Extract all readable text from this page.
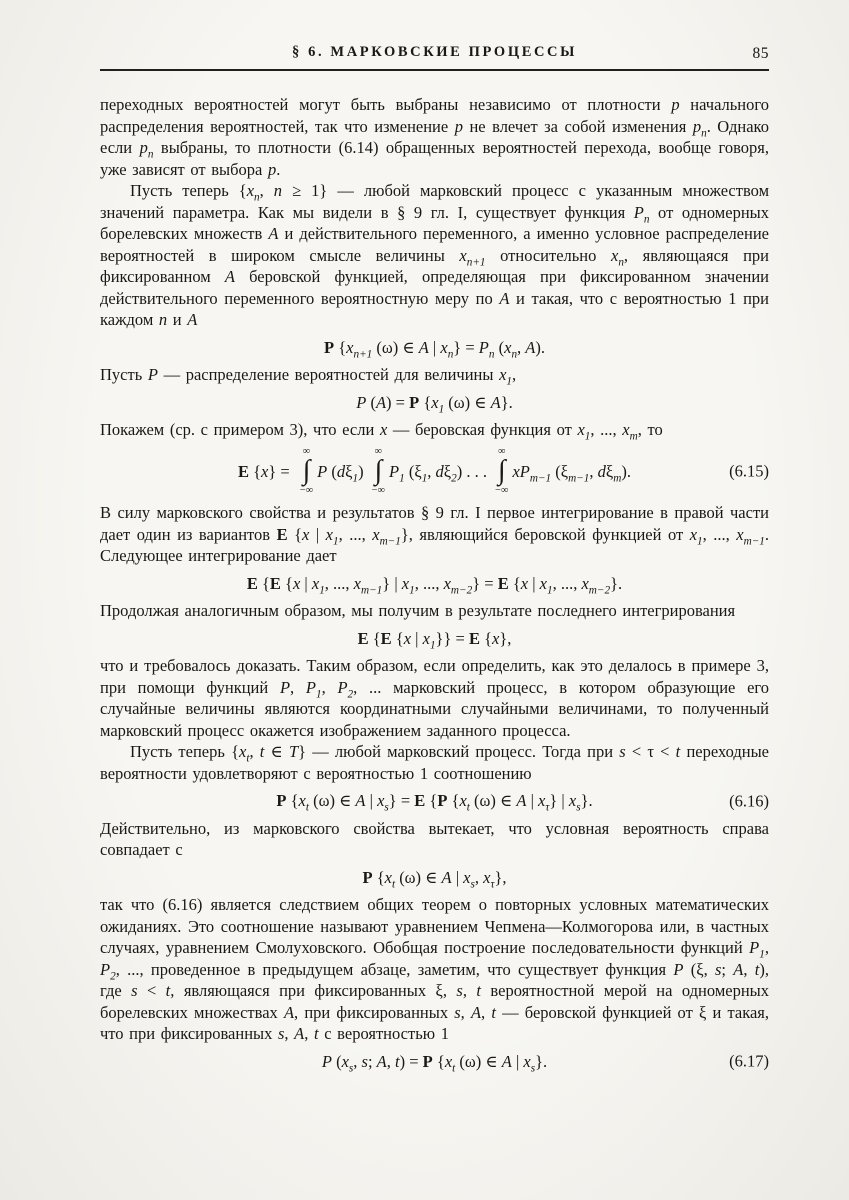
§ 6. МАРКОВСКИЕ ПРОЦЕССЫ	85

переходных вероятностей могут быть выбраны независимо от плотности p начального распределения вероятностей, так что изменение p не влечет за собой изменения $p_n$. Однако если $p_n$ выбраны, то плотности (6.14) обращенных вероятностей перехода, вообще говоря, уже зависят от выбора p.

Пусть теперь {$x_n$, n ≥ 1} — любой марковский процесс с указанным множеством значений параметра. Как мы видели в § 9 гл. I, существует функция $P_n$ от одномерных борелевских множеств A и действительного переменного, а именно условное распределение вероятностей в широком смысле величины $x_{n+1}$ относительно $x_n$, являющаяся при фиксированном A беровской функцией, определяющая при фиксированном значении действительного переменного вероятностную меру по A и такая, что с вероятностью 1 при каждом n и A

P {$x_{n+1}$ (ω) ∈ A | $x_n\} = P_n$ ($x_n$, A).

Пусть P — распределение вероятностей для величины $x_1$,

P (A) = P {$x_1$ (ω) ∈ A}.

Покажем (ср. с примером 3), что если x — беровская функция от $x_1$, ..., $x_m$, то

E {x} =
∞
∫
−∞
P $(d\xi_1)$
∞
∫
−∞
$P_1$ ($\xi_1$, $d\xi_2$) . . .
∞
∫
−∞
$xP_{m-1}$ ($\xi_{m-1}$, $d\xi_m$).	(6.15)

В силу марковского свойства и результатов § 9 гл. I первое интегрирование в правой части дает один из вариантов E {x | $x_1$, ..., $x_{m-1}$}, являющийся беровской функцией от $x_1$, ..., $x_{m-1}$. Следующее интегрирование дает

E {E {x | $x_1$, ..., $x_{m-1}$} | $x_1$, ..., $x_{m-2}\} = E$ {x | $x_1$, ..., $x_{m-2}$}.

Продолжая аналогичным образом, мы получим в результате последнего интегрирования

E {E {x | $x_1\}\} = E$ {x},

что и требовалось доказать. Таким образом, если определить, как это делалось в примере 3, при помощи функций P, $P_1$, $P_2$, ... марковский процесс, в котором образующие его случайные величины являются координатными случайными величинами, то полученный марковский процесс окажется изображением заданного процесса.

Пусть теперь {$x_t$, t ∈ T} — любой марковский процесс. Тогда при s < τ < t переходные вероятности удовлетворяют с вероятностью 1 соотношению

P {$x_t$ (ω) ∈ A | $x_s\} = E$ {P {$x_t$ (ω) ∈ A | $x_\tau$} | $x_s$}.	(6.16)

Действительно, из марковского свойства вытекает, что условная вероятность справа совпадает с

P {$x_t$ (ω) ∈ A | $x_s$, $x_\tau$},

так что (6.16) является следствием общих теорем о повторных условных математических ожиданиях. Это соотношение называют уравнением Чепмена—Колмогорова или, в частных случаях, уравнением Смолуховского. Обобщая построение последовательности функций $P_1$, $P_2$, ..., проведенное в предыдущем абзаце, заметим, что существует функция P (ξ, s; A, t), где s < t, являющаяся при фиксированных ξ, s, t вероятностной мерой на одномерных борелевских множествах A, при фиксированных s, A, t — беровской функцией от ξ и такая, что при фиксированных s, A, t с вероятностью 1

P ($x_s$, s; A, t) = P {$x_t$ (ω) ∈ A | $x_s$}.	(6.17)
